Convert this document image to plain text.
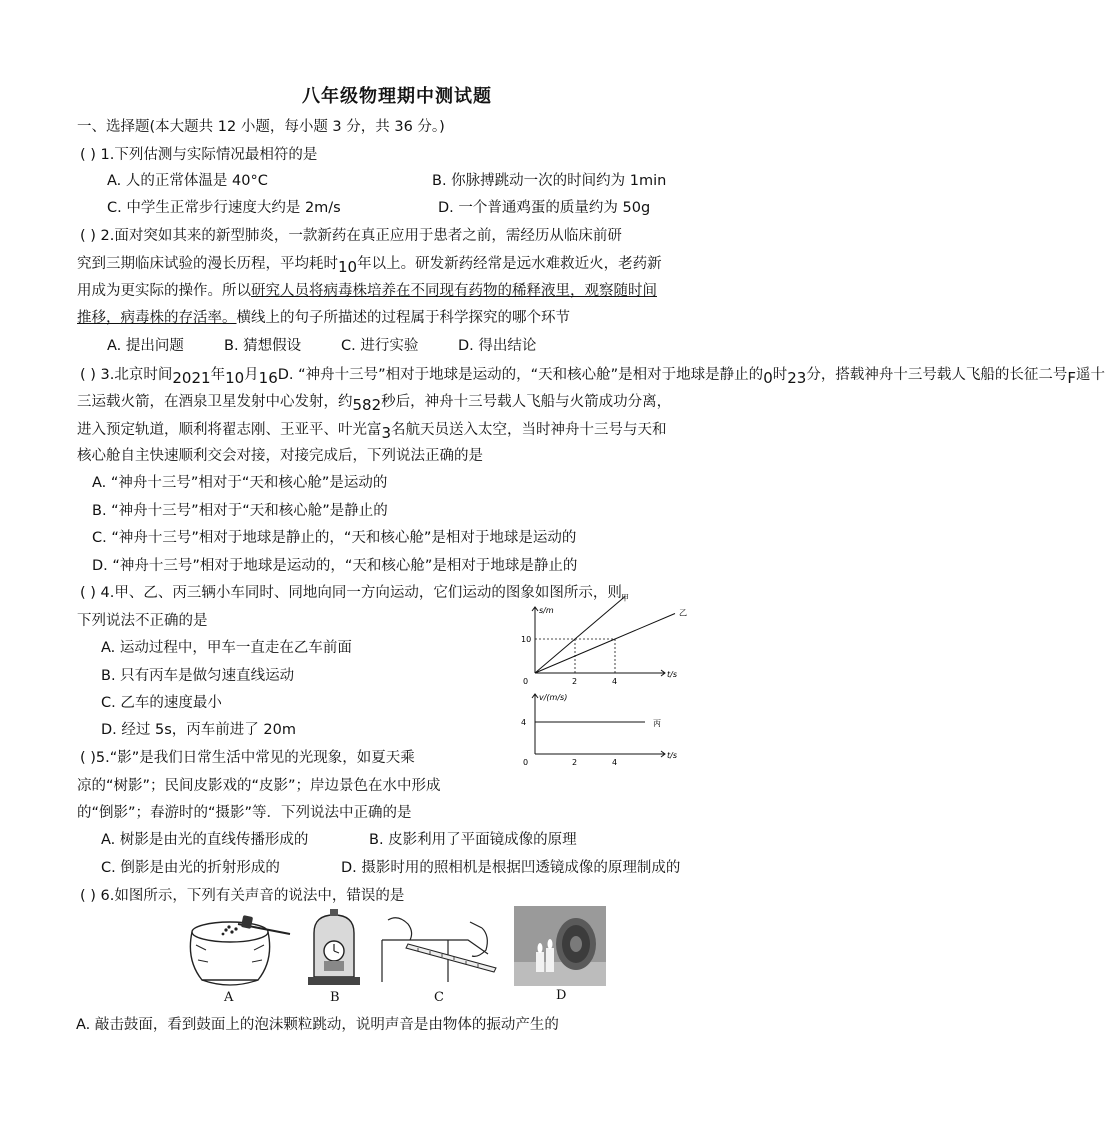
八年级物理期中测试题
一、选择题(本大题共 12 小题，每小题 3 分，共 36 分。)
( ) 1.下列估测与实际情况最相符的是
A. 人的正常体温是 40°C	B. 你脉搏跳动一次的时间约为 1min
C. 中学生正常步行速度大约是 2m/s	D. 一个普通鸡蛋的质量约为 50g
( ) 2.面对突如其来的新型肺炎，一款新药在真正应用于患者之前，需经历从临床前研
究到三期临床试验的漫长历程，平均耗时10年以上。研发新药经常是远水难救近火，老药新
用成为更实际的操作。所以研究人员将病毒株培养在不同现有药物的稀释液里，观察随时间
推移，病毒株的存活率。横线上的句子所描述的过程属于科学探究的哪个环节
A. 提出问题	B. 猜想假设	C. 进行实验	D. 得出结论
( ) 3.北京时间2021年10月16D. “神舟十三号”相对于地球是运动的，“天和核心舱”是相对于地球是静止的0时23分，搭载神舟十三号载人飞船的长征二号F遥十
三运载火箭，在酒泉卫星发射中心发射，约582秒后，神舟十三号载人飞船与火箭成功分离，
进入预定轨道，顺利将翟志刚、王亚平、叶光富3名航天员送入太空，当时神舟十三号与天和
核心舱自主快速顺利交会对接，对接完成后，下列说法正确的是
A. “神舟十三号”相对于“天和核心舱”是运动的
B. “神舟十三号”相对于“天和核心舱”是静止的
C. “神舟十三号”相对于地球是静止的，“天和核心舱”是相对于地球是运动的
D. “神舟十三号”相对于地球是运动的，“天和核心舱”是相对于地球是静止的
( ) 4.甲、乙、丙三辆小车同时、同地向同一方向运动，它们运动的图象如图所示，则
下列说法不正确的是
A. 运动过程中，甲车一直走在乙车前面
B. 只有丙车是做匀速直线运动
C. 乙车的速度最小
D. 经过 5s，丙车前进了 20m
t/s
s/m
0	2	4
10
甲
乙
t/s
v/(m/s)
0	2	4
4	丙
( )5.“影”是我们日常生活中常见的光现象，如夏天乘
凉的“树影”；民间皮影戏的“皮影”；岸边景色在水中形成
的“倒影”；春游时的“摄影”等．下列说法中正确的是
A. 树影是由光的直线传播形成的	B. 皮影利用了平面镜成像的原理
C. 倒影是由光的折射形成的	D. 摄影时用的照相机是根据凹透镜成像的原理制成的
( ) 6.如图所示，下列有关声音的说法中，错误的是
A	B	C	D
A. 敲击鼓面，看到鼓面上的泡沫颗粒跳动，说明声音是由物体的振动产生的
